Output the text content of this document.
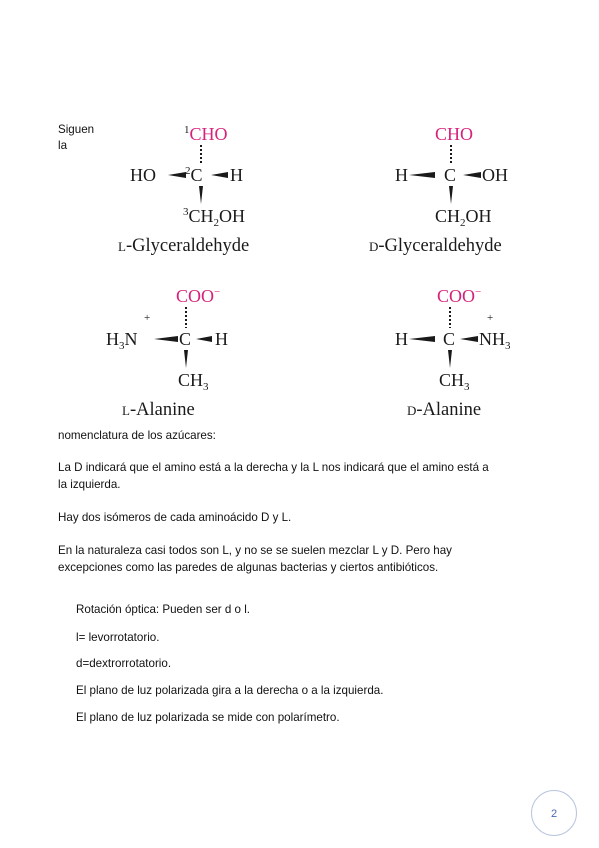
Siguen
la
$^1$CHO
HO	$^2$C H
$^3CH_2OH$
L-Glyceraldehyde
CHO
H C OH
$CH_2OH$
D-Glyceraldehyde
COO−
+
$H_3N$ C H
$CH_3$
L-Alanine
COO−
+
H C $NH_3$
$CH_3$
D-Alanine
nomenclatura de los azúcares:
La D indicará que el amino está a la derecha y la L nos indicará que el amino está a
la izquierda.
Hay dos isómeros de cada aminoácido D y L.
En la naturaleza casi todos son L, y no se se suelen mezclar L y D. Pero hay
excepciones como las paredes de algunas bacterias y ciertos antibióticos.
Rotación óptica: Pueden ser d o l.
l= levorrotatorio.
d=dextrorrotatorio.
El plano de luz polarizada gira a la derecha o a la izquierda.
El plano de luz polarizada se mide con polarímetro.
2
